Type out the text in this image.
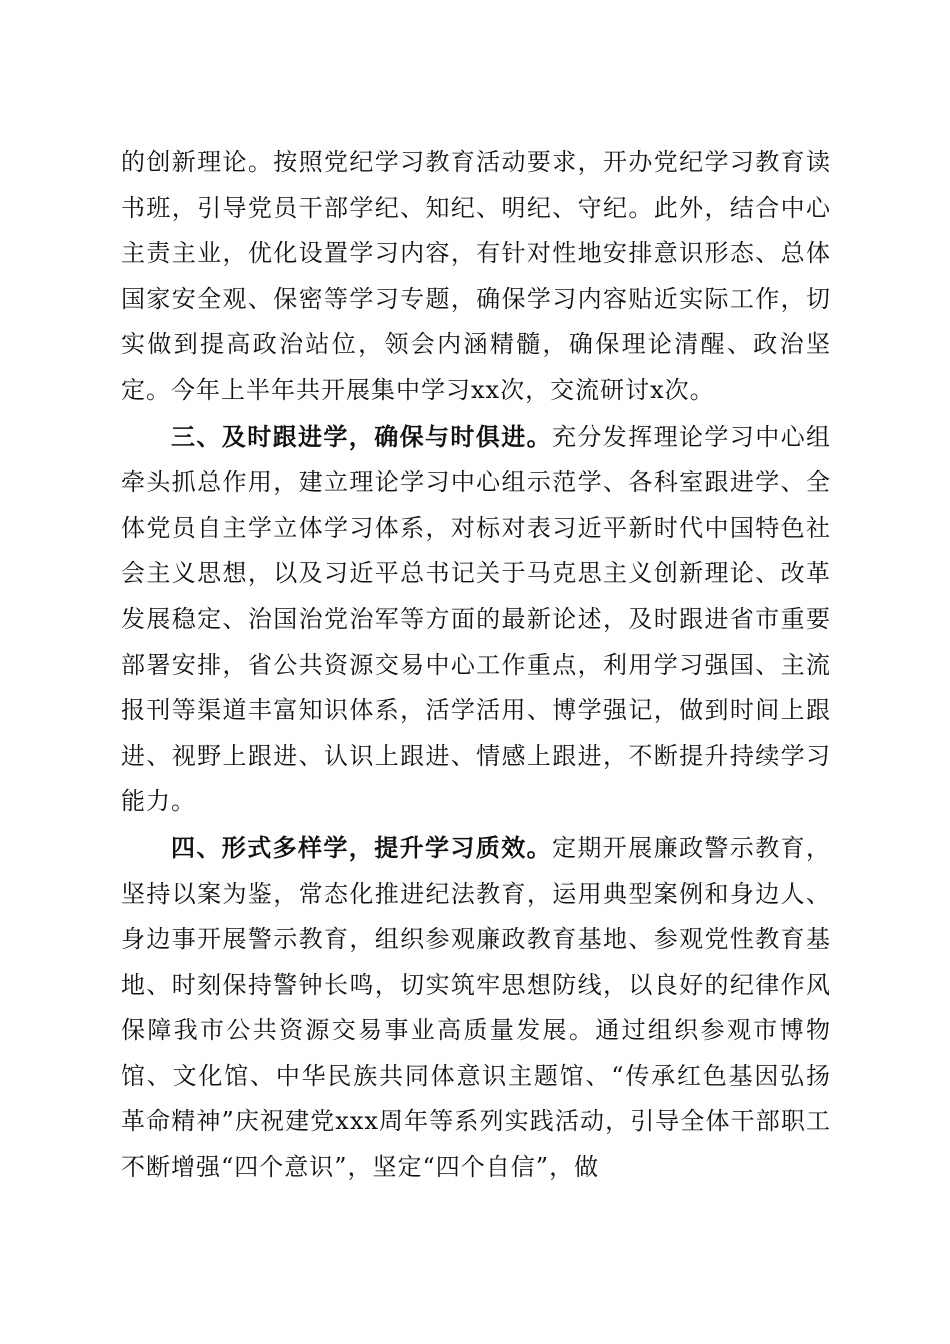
的创新理论。按照党纪学习教育活动要求，开办党纪学习教育读书班，引导党员干部学纪、知纪、明纪、守纪。此外，结合中心主责主业，优化设置学习内容，有针对性地安排意识形态、总体国家安全观、保密等学习专题，确保学习内容贴近实际工作，切实做到提高政治站位，领会内涵精髓，确保理论清醒、政治坚定。今年上半年共开展集中学习xx次，交流研讨x次。

三、及时跟进学，确保与时俱进。充分发挥理论学习中心组牵头抓总作用，建立理论学习中心组示范学、各科室跟进学、全体党员自主学立体学习体系，对标对表习近平新时代中国特色社会主义思想，以及习近平总书记关于马克思主义创新理论、改革发展稳定、治国治党治军等方面的最新论述，及时跟进省市重要部署安排，省公共资源交易中心工作重点，利用学习强国、主流报刊等渠道丰富知识体系，活学活用、博学强记，做到时间上跟进、视野上跟进、认识上跟进、情感上跟进，不断提升持续学习能力。

四、形式多样学，提升学习质效。定期开展廉政警示教育，坚持以案为鉴，常态化推进纪法教育，运用典型案例和身边人、身边事开展警示教育，组织参观廉政教育基地、参观党性教育基地、时刻保持警钟长鸣，切实筑牢思想防线，以良好的纪律作风保障我市公共资源交易事业高质量发展。通过组织参观市博物馆、文化馆、中华民族共同体意识主题馆、“传承红色基因弘扬革命精神”庆祝建党xxx周年等系列实践活动，引导全体干部职工不断增强“四个意识”，坚定“四个自信”，做
